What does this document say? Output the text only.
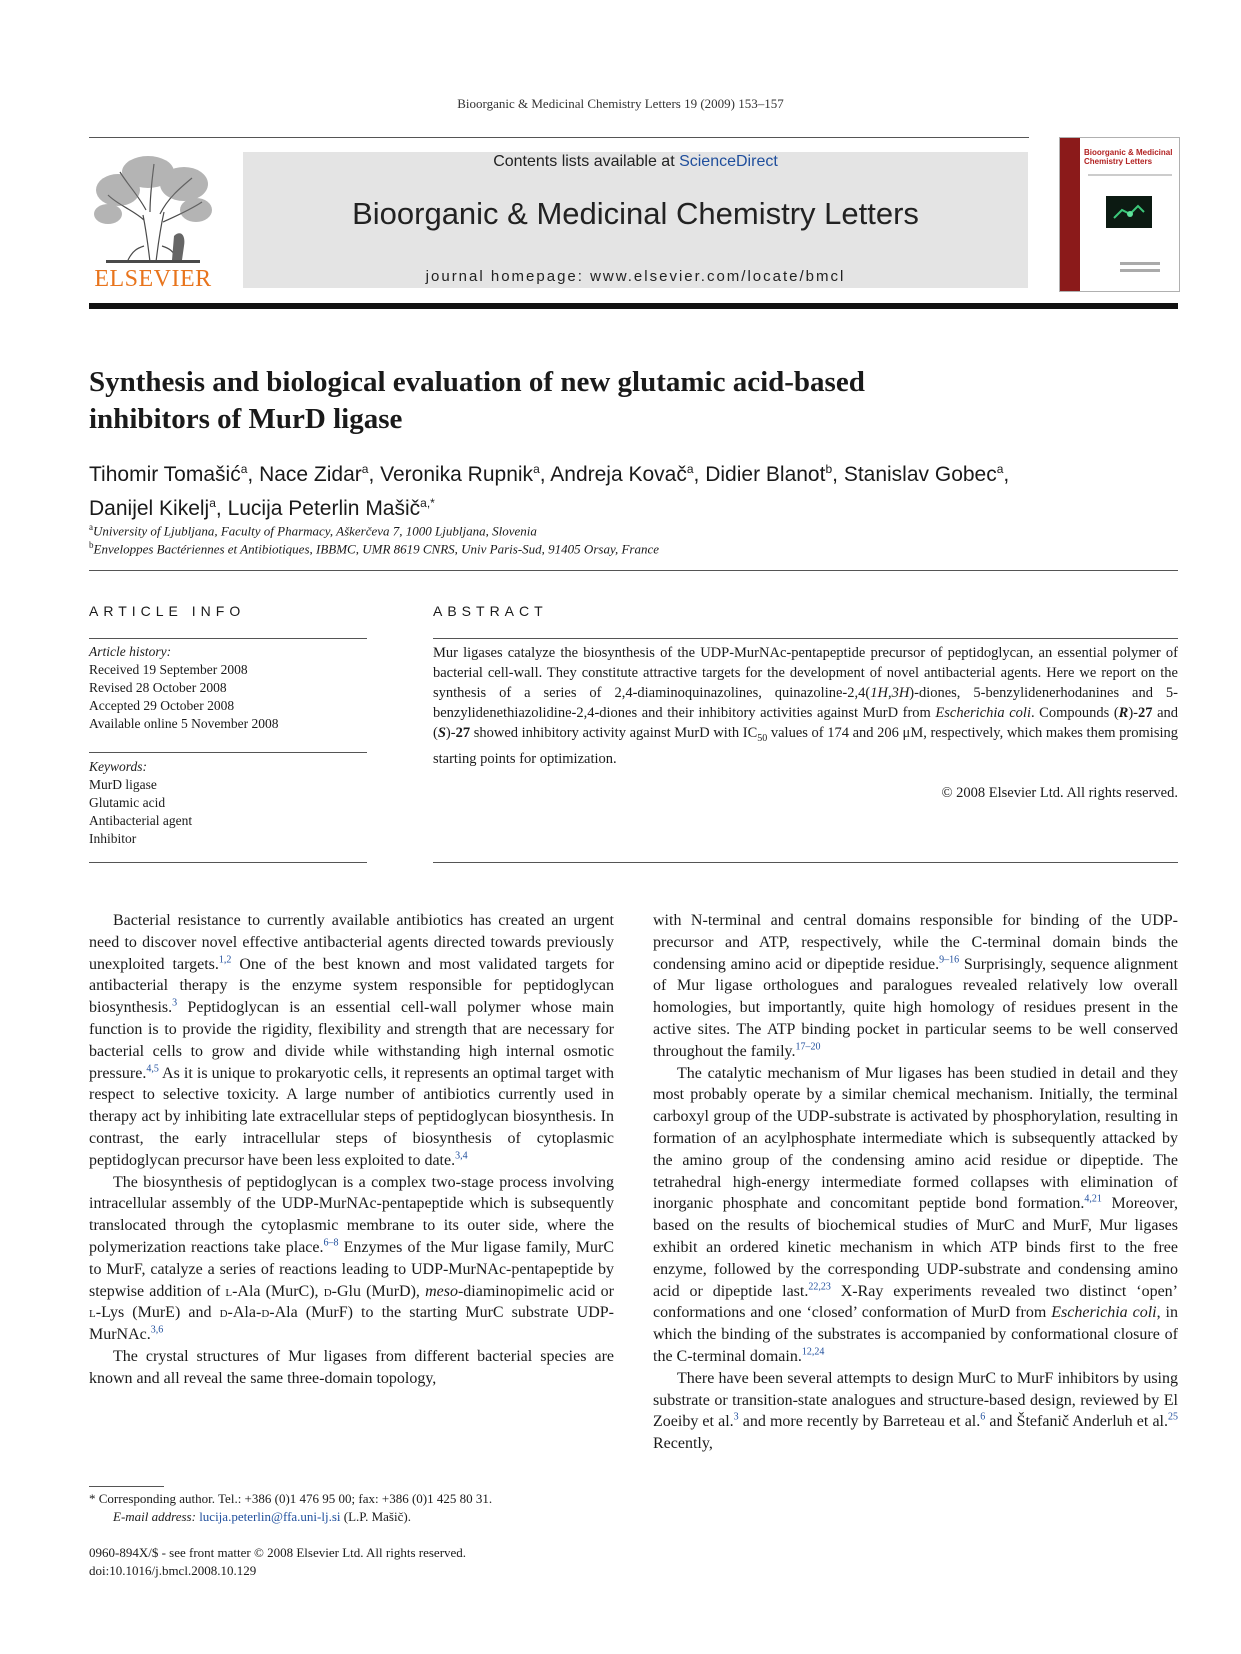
Bioorganic & Medicinal Chemistry Letters 19 (2009) 153–157
ELSEVIER
Contents lists available at ScienceDirect
Bioorganic & Medicinal Chemistry Letters
journal homepage: www.elsevier.com/locate/bmcl
Bioorganic & Medicinal Chemistry Letters
Synthesis and biological evaluation of new glutamic acid-based
inhibitors of MurD ligase
Tihomir Tomašić$^a$, Nace Zidar$^a$, Veronika Rupnik$^a$, Andreja Kovač$^a$, Didier Blanot$^b$, Stanislav Gobec$^a$,
Danijel Kikelj$^a$, Lucija Peterlin Mašič$^{a,*}$
$^a$University of Ljubljana, Faculty of Pharmacy, Aškerčeva 7, 1000 Ljubljana, Slovenia
$^b$Enveloppes Bactériennes et Antibiotiques, IBBMC, UMR 8619 CNRS, Univ Paris-Sud, 91405 Orsay, France
ARTICLE INFO	ABSTRACT
Article history:
Received 19 September 2008
Revised 28 October 2008
Accepted 29 October 2008
Available online 5 November 2008
Keywords:
MurD ligase
Glutamic acid
Antibacterial agent
Inhibitor
Mur ligases catalyze the biosynthesis of the UDP-MurNAc-pentapeptide precursor of peptidoglycan, an essential polymer of bacterial cell-wall. They constitute attractive targets for the development of novel antibacterial agents. Here we report on the synthesis of a series of 2,4-diaminoquinazolines, quinazoline-2,4(1H,3H)-diones, 5-benzylidenerhodanines and 5-benzylidenethiazolidine-2,4-diones and their inhibitory activities against MurD from Escherichia coli. Compounds (R)-27 and (S)-27 showed inhibitory activity against MurD with $IC_{50}$ values of 174 and 206 μM, respectively, which makes them promising starting points for optimization.
© 2008 Elsevier Ltd. All rights reserved.

Bacterial resistance to currently available antibiotics has created an urgent need to discover novel effective antibacterial agents directed towards previously unexploited targets.$^{1,2}$ One of the best known and most validated targets for antibacterial therapy is the enzyme system responsible for peptidoglycan biosynthesis.$^3$ Peptidoglycan is an essential cell-wall polymer whose main function is to provide the rigidity, flexibility and strength that are necessary for bacterial cells to grow and divide while withstanding high internal osmotic pressure.$^{4,5}$ As it is unique to prokaryotic cells, it represents an optimal target with respect to selective toxicity. A large number of antibiotics currently used in therapy act by inhibiting late extracellular steps of peptidoglycan biosynthesis. In contrast, the early intracellular steps of biosynthesis of cytoplasmic peptidoglycan precursor have been less exploited to date.$^{3,4}$

The biosynthesis of peptidoglycan is a complex two-stage process involving intracellular assembly of the UDP-MurNAc-pentapeptide which is subsequently translocated through the cytoplasmic membrane to its outer side, where the polymerization reactions take place.$^{6-8}$ Enzymes of the Mur ligase family, MurC to MurF, catalyze a series of reactions leading to UDP-MurNAc-pentapeptide by stepwise addition of l-Ala (MurC), d-Glu (MurD), meso-diaminopimelic acid or l-Lys (MurE) and d-Ala-d-Ala (MurF) to the starting MurC substrate UDP-MurNAc.$^{3,6}$

The crystal structures of Mur ligases from different bacterial species are known and all reveal the same three-domain topology,

with N-terminal and central domains responsible for binding of the UDP-precursor and ATP, respectively, while the C-terminal domain binds the condensing amino acid or dipeptide residue.$^{9-16}$ Surprisingly, sequence alignment of Mur ligase orthologues and paralogues revealed relatively low overall homologies, but importantly, quite high homology of residues present in the active sites. The ATP binding pocket in particular seems to be well conserved throughout the family.$^{17-20}$

The catalytic mechanism of Mur ligases has been studied in detail and they most probably operate by a similar chemical mechanism. Initially, the terminal carboxyl group of the UDP-substrate is activated by phosphorylation, resulting in formation of an acylphosphate intermediate which is subsequently attacked by the amino group of the condensing amino acid residue or dipeptide. The tetrahedral high-energy intermediate formed collapses with elimination of inorganic phosphate and concomitant peptide bond formation.$^{4,21}$ Moreover, based on the results of biochemical studies of MurC and MurF, Mur ligases exhibit an ordered kinetic mechanism in which ATP binds first to the free enzyme, followed by the corresponding UDP-substrate and condensing amino acid or dipeptide last.$^{22,23}$ X-Ray experiments revealed two distinct ‘open’ conformations and one ‘closed’ conformation of MurD from Escherichia coli, in which the binding of the substrates is accompanied by conformational closure of the C-terminal domain.$^{12,24}$

There have been several attempts to design MurC to MurF inhibitors by using substrate or transition-state analogues and structure-based design, reviewed by El Zoeiby et al.$^3$ and more recently by Barreteau et al.$^6$ and Štefanič Anderluh et al.$^{25}$ Recently,

* Corresponding author. Tel.: +386 (0)1 476 95 00; fax: +386 (0)1 425 80 31.
E-mail address: lucija.peterlin@ffa.uni-lj.si (L.P. Mašič).
0960-894X/$ - see front matter © 2008 Elsevier Ltd. All rights reserved.
doi:10.1016/j.bmcl.2008.10.129
